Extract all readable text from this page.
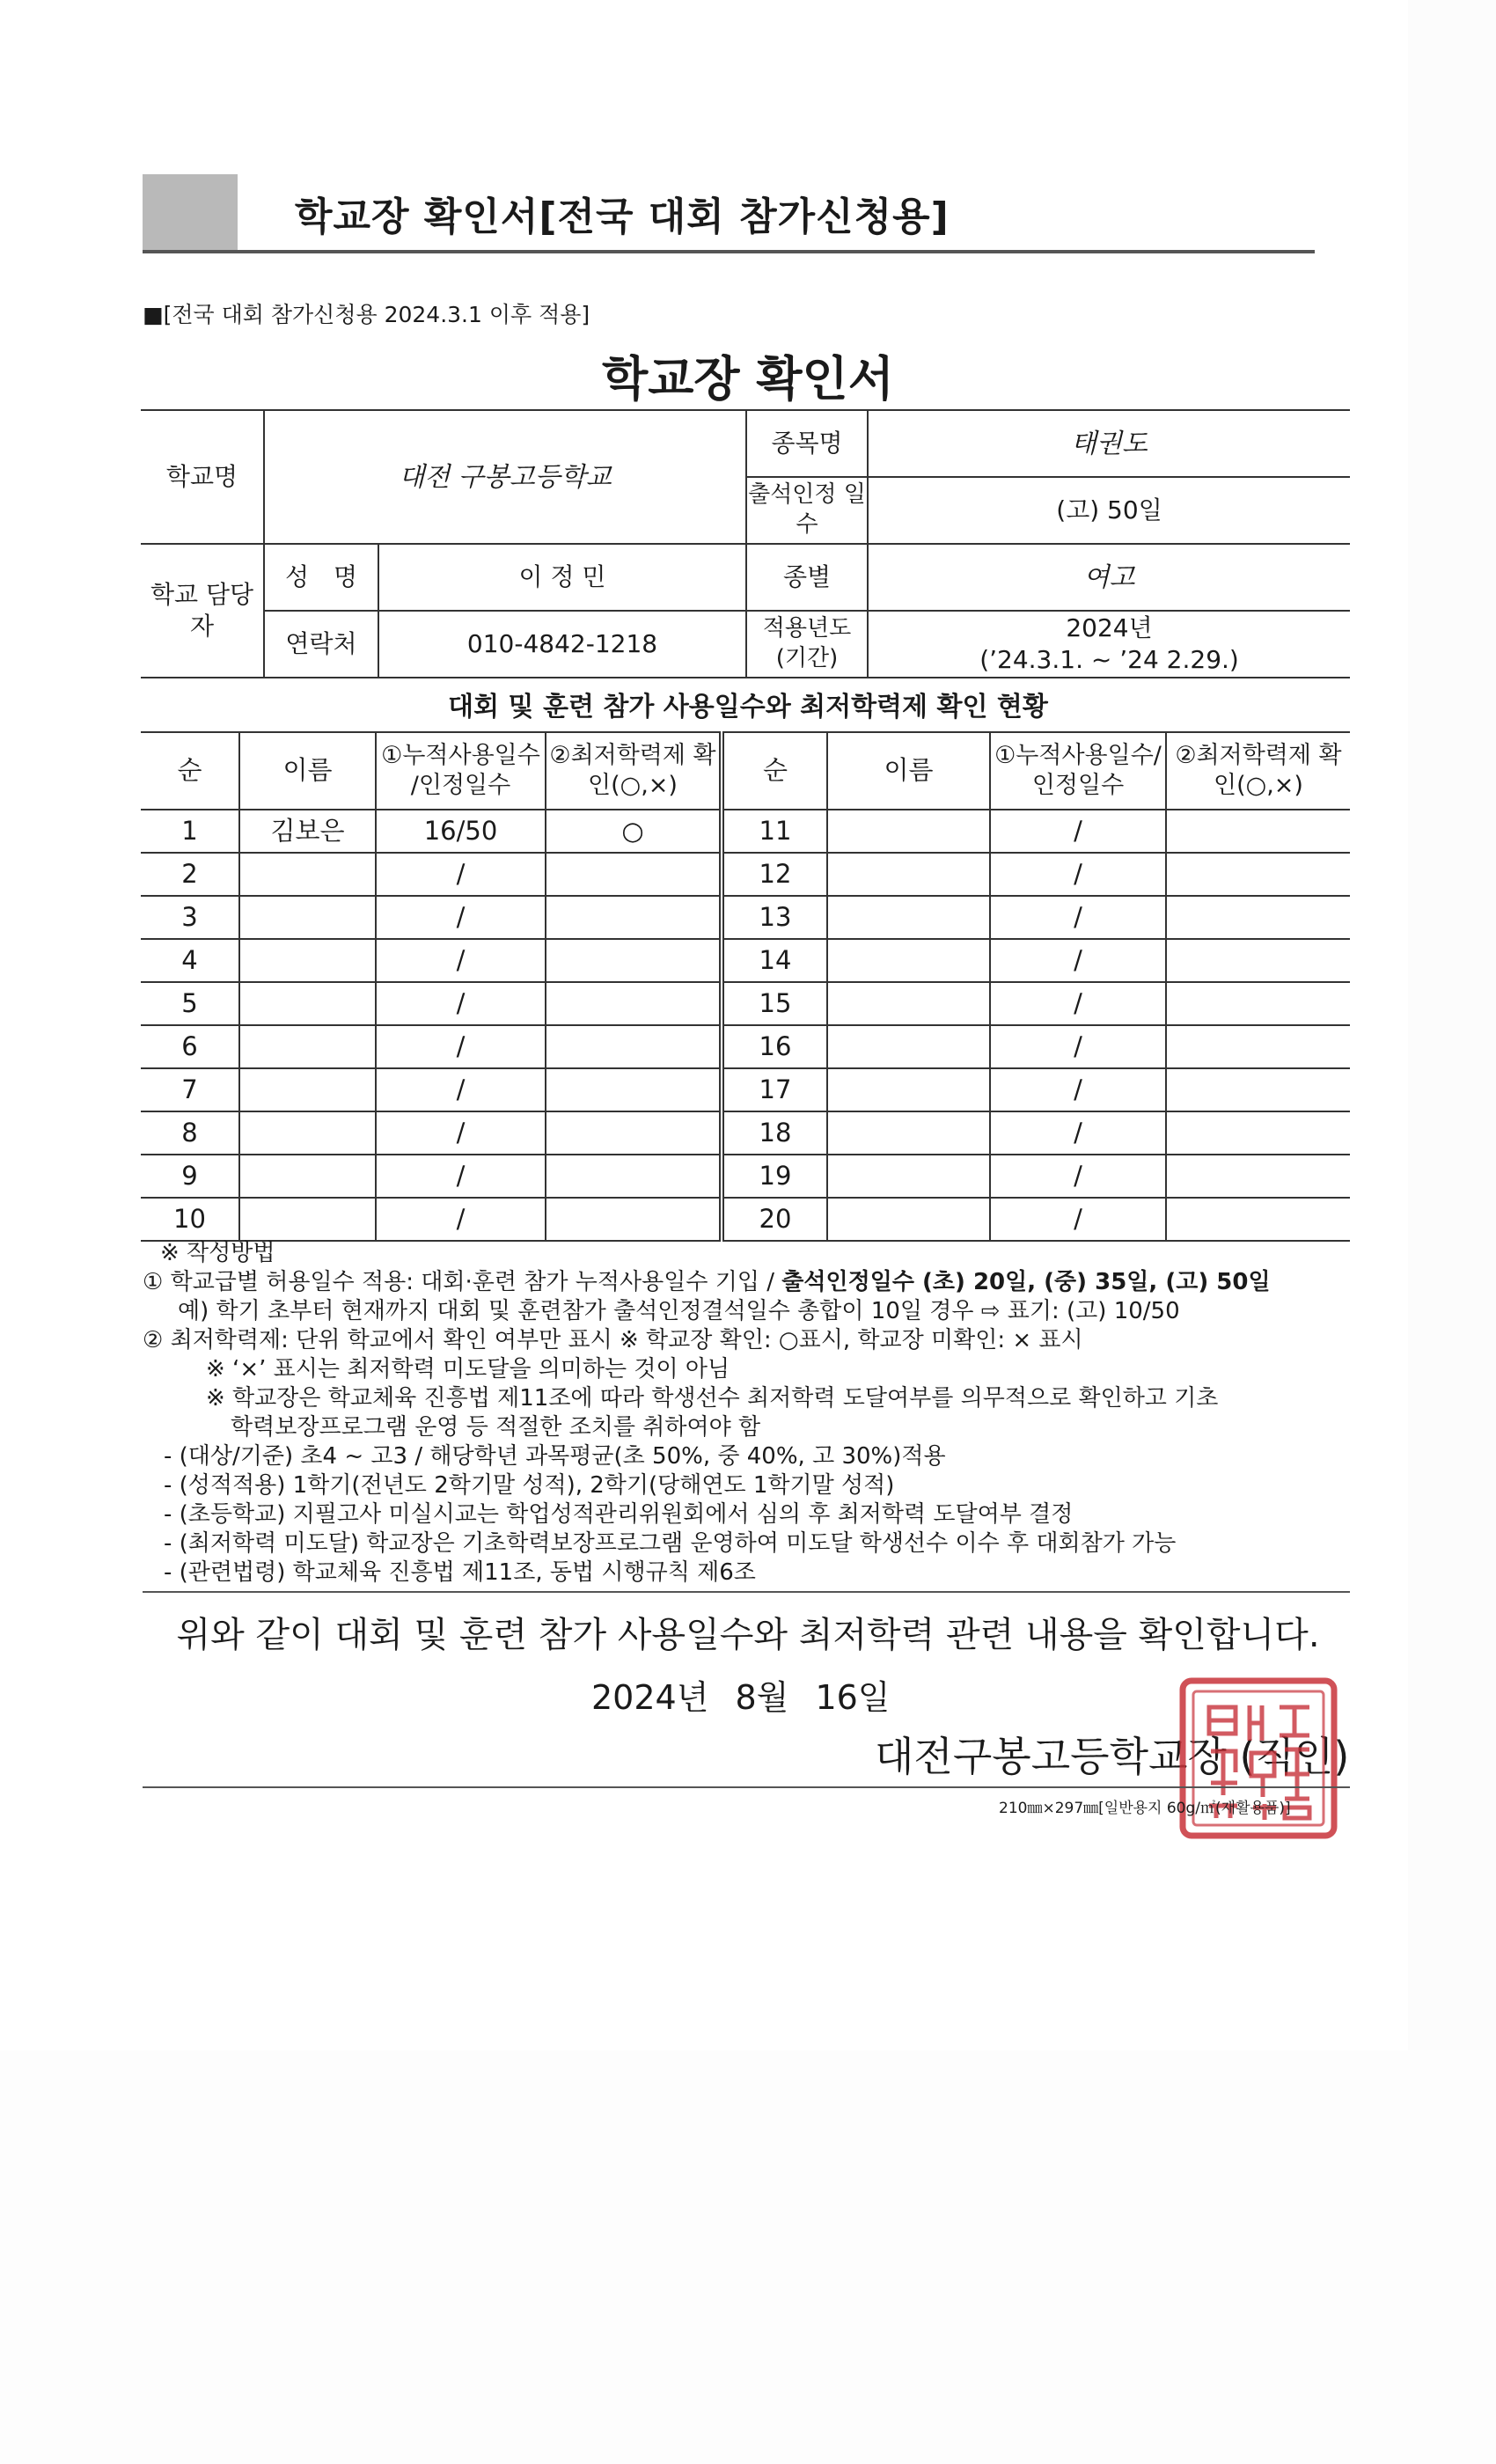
학교장 확인서[전국 대회 참가신청용]
■[전국 대회 참가신청용 2024.3.1 이후 적용]
학교장 확인서
학교명	대전 구봉고등학교		종목명	태권도
			출석인정 일수	(고) 50일
학교 담당자	성　명	이 정 민	종별	여고
	연락처	010-4842-1218	적용년도 (기간)	2024년
(’24.3.1. ~ ’24 2.29.)
대회 및 훈련 참가 사용일수와 최저학력제 확인 현황
순	이름	①누적사용일수 /인정일수	②최저학력제 확인(○,×)	순	이름	①누적사용일수/ 인정일수	②최저학력제 확인(○,×)
1	김보은	16/50	○	11		/	
2		/		12		/	
3		/		13		/	
4		/		14		/	
5		/		15		/	
6		/		16		/	
7		/		17		/	
8		/		18		/	
9		/		19		/	
10		/		20		/	
※ 작성방법
① 학교급별 허용일수 적용: 대회·훈련 참가 누적사용일수 기입 / 출석인정일수 (초) 20일, (중) 35일, (고) 50일
예) 학기 초부터 현재까지 대회 및 훈련참가 출석인정결석일수 총합이 10일 경우 ⇨ 표기: (고) 10/50
② 최저학력제: 단위 학교에서 확인 여부만 표시 ※ 학교장 확인: ○표시, 학교장 미확인: × 표시
※ ‘×’ 표시는 최저학력 미도달을 의미하는 것이 아님
※ 학교장은 학교체육 진흥법 제11조에 따라 학생선수 최저학력 도달여부를 의무적으로 확인하고 기초
학력보장프로그램 운영 등 적절한 조치를 취하여야 함
- (대상/기준) 초4 ~ 고3 / 해당학년 과목평균(초 50%, 중 40%, 고 30%)적용
- (성적적용) 1학기(전년도 2학기말 성적), 2학기(당해연도 1학기말 성적)
- (초등학교) 지필고사 미실시교는 학업성적관리위원회에서 심의 후 최저학력 도달여부 결정
- (최저학력 미도달) 학교장은 기초학력보장프로그램 운영하여 미도달 학생선수 이수 후 대회참가 가능
- (관련법령) 학교체육 진흥법 제11조, 동법 시행규칙 제6조
위와 같이 대회 및 훈련 참가 사용일수와 최저학력 관련 내용을 확인합니다.
2024년 8월 16일
대전구봉고등학교장 (직인)
210㎜×297㎜[일반용지 60g/㎡(재활용품)]
